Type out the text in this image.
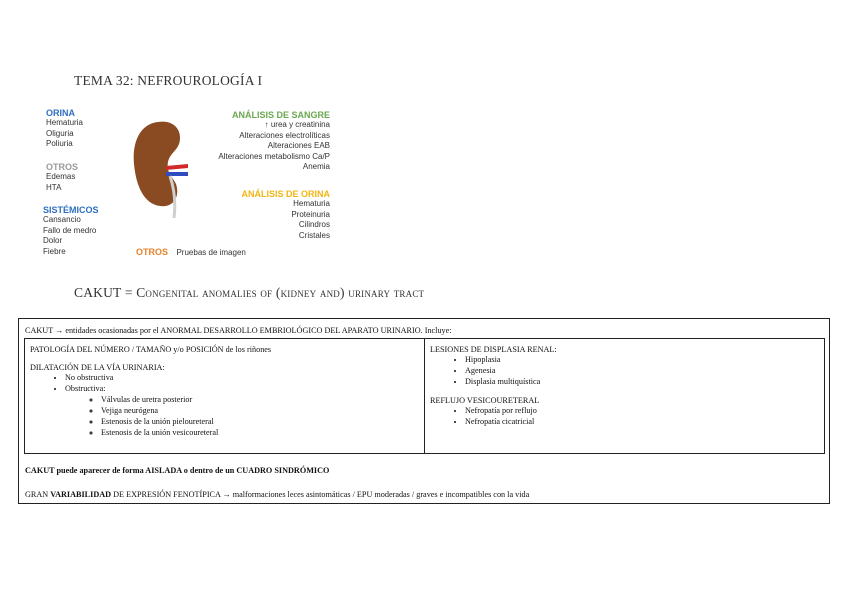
TEMA 32: NEFROUROLOGÍA I
ORINA
Hematuria
Oliguria
Poliuria
OTROS
Edemas
HTA
SISTÉMICOS
Cansancio
Fallo de medro
Dolor
Fiebre	OTROS Pruebas de imagen
ANÁLISIS DE SANGRE
↑ urea y creatinina
Alteraciones electrolíticas
Alteraciones EAB
Alteraciones metabolismo Ca/P
Anemia
ANÁLISIS DE ORINA
Hematuria
Proteinuria
Cilindros
Cristales
CAKUT = Congenital anomalies of (kidney and) urinary tract
CAKUT → entidades ocasionadas por el ANORMAL DESARROLLO EMBRIOLÓGICO DEL APARATO URINARIO. Incluye:
PATOLOGÍA DEL NÚMERO / TAMAÑO y/o POSICIÓN de los riñones
DILATACIÓN DE LA VÍA URINARIA:
• No obstructiva
• Obstructiva:
◦ Válvulas de uretra posterior
◦ Vejiga neurógena
◦ Estenosis de la unión pieloureteral
◦ Estenosis de la unión vesicoureteral
LESIONES DE DISPLASIA RENAL:
• Hipoplasia
• Agenesia
• Displasia multiquística
REFLUJO VESICOURETERAL
• Nefropatía por reflujo
• Nefropatía cicatricial
CAKUT puede aparecer de forma AISLADA o dentro de un CUADRO SINDRÓMICO
GRAN VARIABILIDAD DE EXPRESIÓN FENOTÍPICA → malformaciones leces asintomáticas / EPU moderadas / graves e incompatibles con la vida
